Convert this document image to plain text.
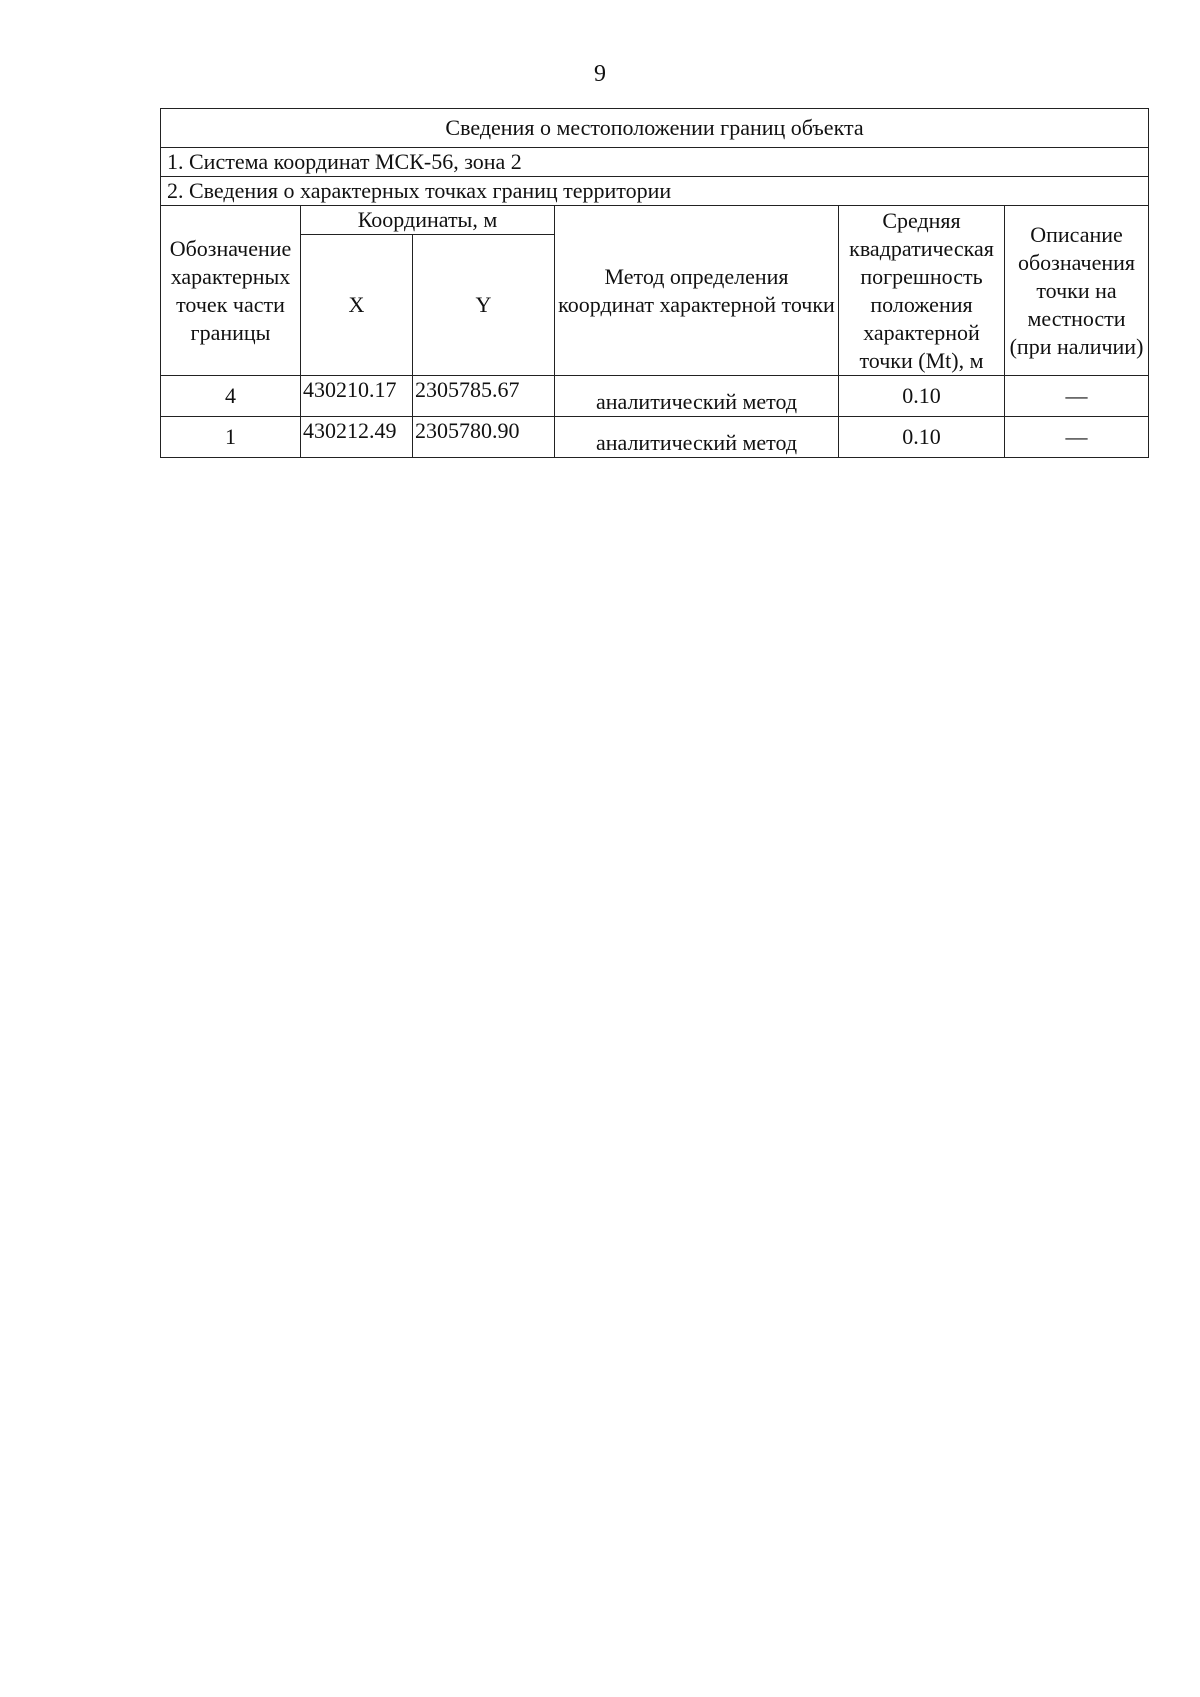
9
Сведения о местоположении границ объекта					
1. Система координат МСК-56, зона 2					
2. Сведения о характерных точках границ территории					
Обозначение характерных точек части границы	Координаты, м		Метод определения координат характерной точки	Средняя квадратическая погрешность положения характерной точки (Mt), м	Описание обозначения точки на местности (при наличии)
	X	Y			
4	430210.17	2305785.67	аналитический метод	0.10	—
1	430212.49	2305780.90	аналитический метод	0.10	—
